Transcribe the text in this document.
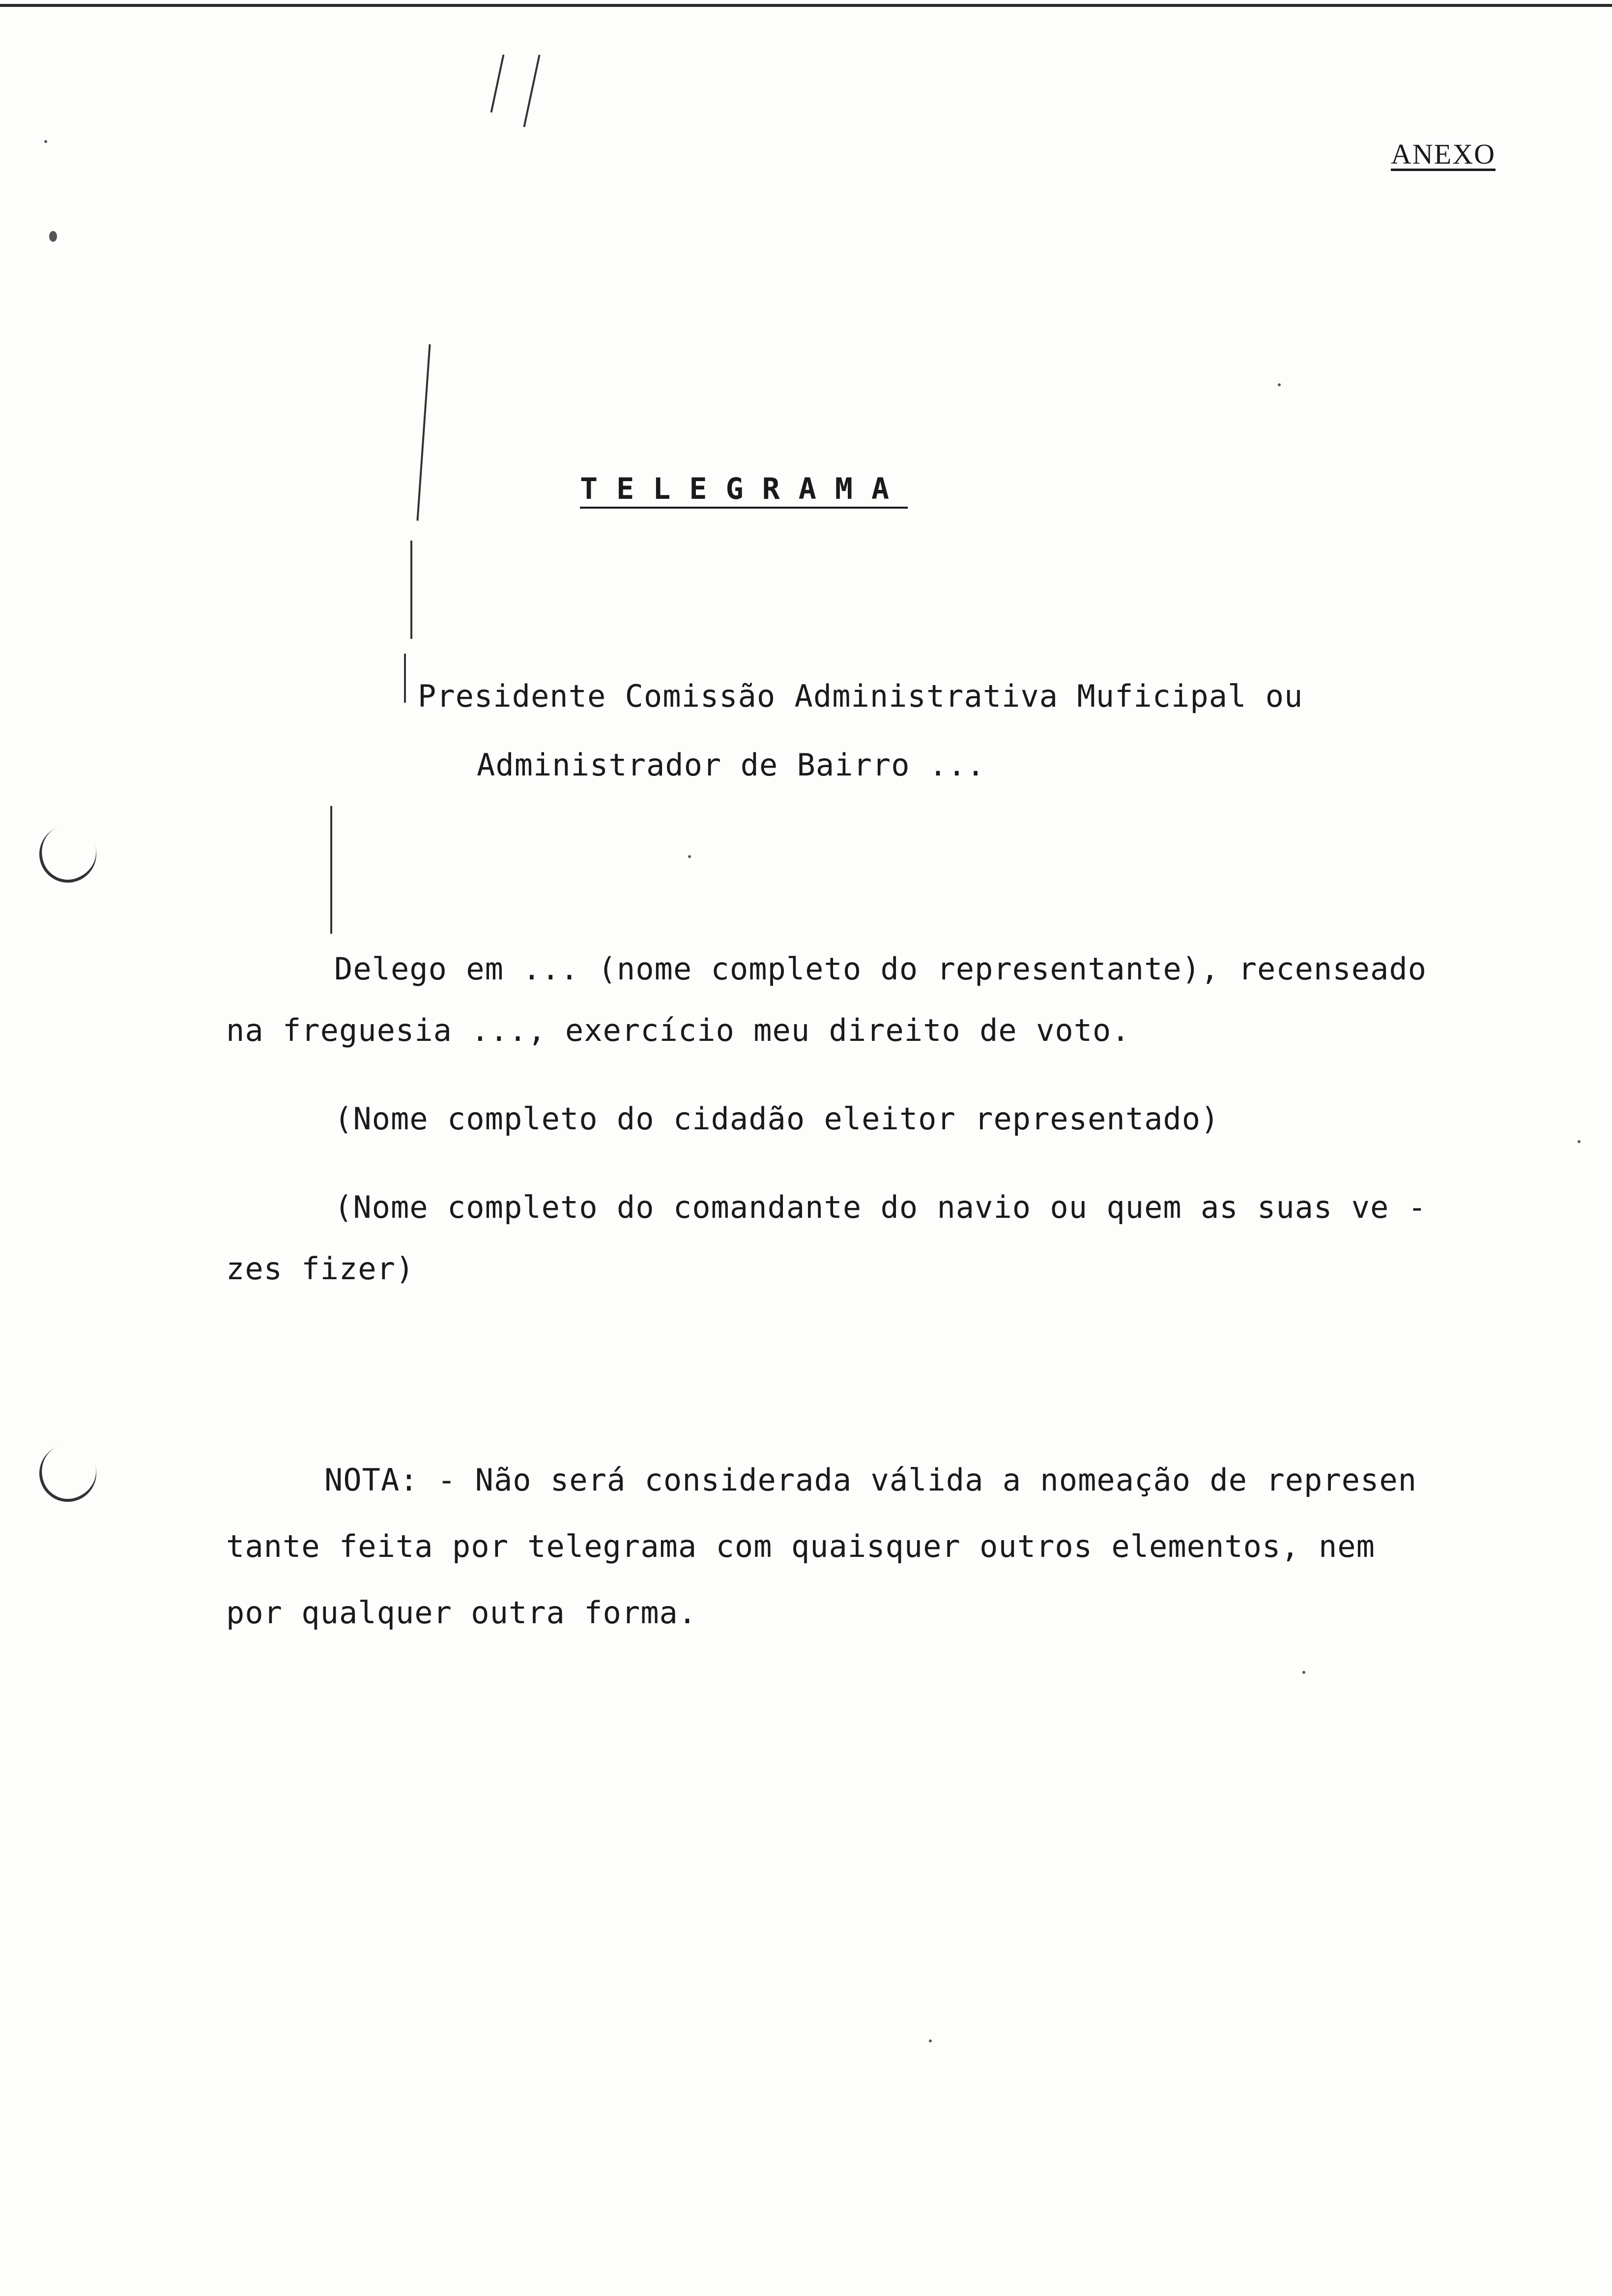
ANEXO
TELEGRAMA
Presidente Comissão Administrativa Muficipal ou
Administrador de Bairro ...
Delego em ... (nome completo do representante), recenseado
na freguesia ..., exercício meu direito de voto.
(Nome completo do cidadão eleitor representado)
(Nome completo do comandante do navio ou quem as suas ve -
zes fizer)
NOTA: - Não será considerada válida a nomeação de represen
tante feita por telegrama com quaisquer outros elementos, nem
por qualquer outra forma.
